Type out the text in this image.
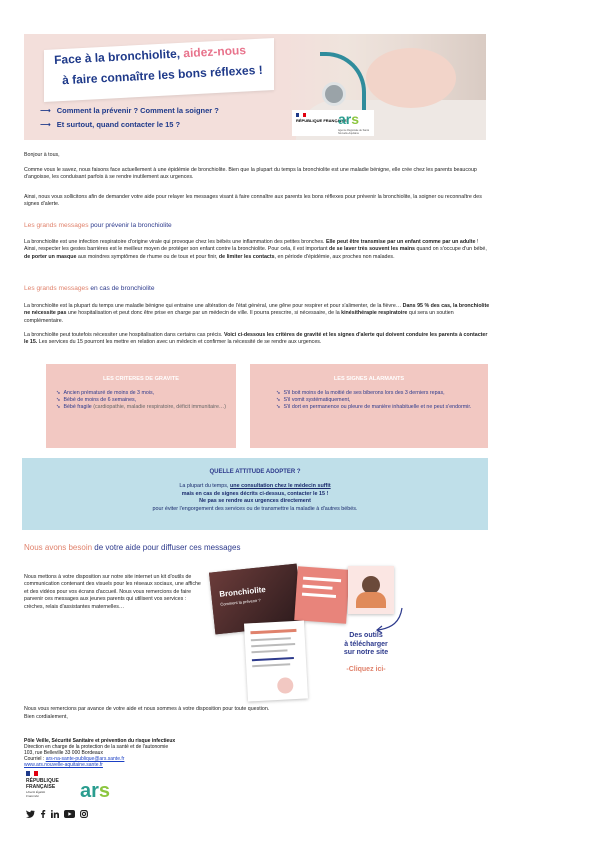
Face à la bronchiolite, aidez-nous
à faire connaître les bons réflexes !
⟶ Comment la prévenir ? Comment la soigner ?
⟶ Et surtout, quand contacter le 15 ?	RÉPUBLIQUE FRANÇAISE
ars
Agence Régionale de Santé Nouvelle-Aquitaine
Bonjour à tous,
Comme vous le savez, nous faisons face actuellement à une épidémie de bronchiolite. Bien que la plupart du temps la bronchiolite est une maladie bénigne, elle crée chez les parents beaucoup d'angoisse, les conduisant parfois à se rendre inutilement aux urgences.
Ainsi, nous vous sollicitons afin de demander votre aide pour relayer les messages visant à faire connaître aux parents les bons réflexes pour prévenir la bronchiolite, la soigner ou reconnaître des signes d'alerte.
Les grands messages pour prévenir la bronchiolite
La bronchiolite est une infection respiratoire d'origine virale qui provoque chez les bébés une inflammation des petites bronches. Elle peut être transmise par un enfant comme par un adulte ! Ainsi, respecter les gestes barrières est le meilleur moyen de protéger son enfant contre la bronchiolite. Pour cela, il est important de se laver très souvent les mains quand on s'occupe d'un bébé, de porter un masque aux moindres symptômes de rhume ou de toux et pour finir, de limiter les contacts, en période d'épidémie, aux proches non malades.
Les grands messages en cas de bronchiolite
La bronchiolite est la plupart du temps une maladie bénigne qui entraine une altération de l'état général, une gêne pour respirer et pour s'alimenter, de la fièvre… Dans 95 % des cas, la bronchiolite ne nécessite pas une hospitalisation et peut donc être prise en charge par un médecin de ville. Il pourra prescrire, si nécessaire, de la kinésithérapie respiratoire qui sera un soutien complémentaire.
La bronchiolite peut toutefois nécessiter une hospitalisation dans certains cas précis. Voici ci-dessous les critères de gravité et les signes d'alerte qui doivent conduire les parents à contacter le 15. Les services du 15 pourront les mettre en relation avec un médecin et confirmer la nécessité de se rendre aux urgences.
LES CRITERES DE GRAVITE
➘ Ancien prématuré de moins de 3 mois,
➘ Bébé de moins de 6 semaines,
➘ Bébé fragile (cardiopathie, maladie respiratoire, déficit immunitaire…)
LES SIGNES ALARMANTS
➘ S'il boit moins de la moitié de ses biberons lors des 3 derniers repas,
➘ S'il vomit systématiquement,
➘ S'il dort en permanence ou pleure de manière inhabituelle et ne peut s'endormir.
QUELLE ATTITUDE ADOPTER ?
La plupart du temps, une consultation chez le médecin suffit
mais en cas de signes décrits ci-dessus, contacter le 15 !
Ne pas se rendre aux urgences directement
pour éviter l'engorgement des services ou de transmettre la maladie à d'autres bébés.
Nous avons besoin de votre aide pour diffuser ces messages
Nous mettons à votre disposition sur notre site internet un kit d'outils de communication contenant des visuels pour les réseaux sociaux, une affiche et des vidéos pour vos écrans d'accueil. Nous vous remercions de faire parvenir ces messages aux jeunes parents qui utilisent vos services : crèches, relais d'assistantes maternelles…
Bronchiolite
Comment la prévenir ?
Des outils
à télécharger
sur notre site
-Cliquez ici-
Nous vous remercions par avance de votre aide et nous sommes à votre disposition pour toute question.
Bien cordialement,
Pôle Veille, Sécurité Sanitaire et prévention du risque infectieux
Direction en charge de la protection de la santé et de l'autonomie
103, rue Belleville 33 000 Bordeaux
Courriel : ars-na-sante-publique@ars.sante.fr
www.ars.nouvelle-aquitaine.sante.fr
RÉPUBLIQUE
FRANÇAISE
Liberté Égalité Fraternité	ars
